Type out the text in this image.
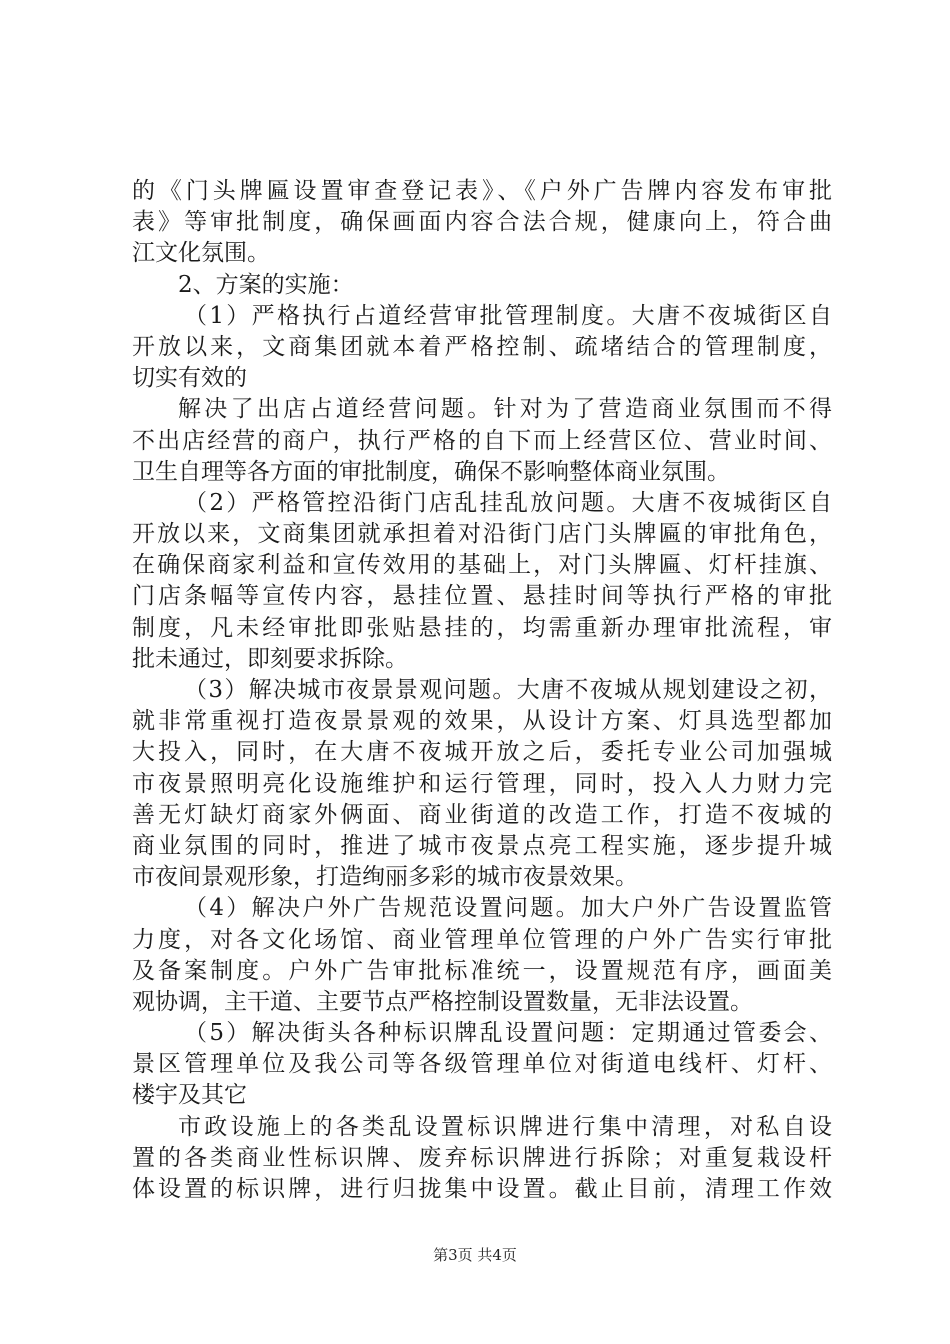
的《门头牌匾设置审查登记表》、《户外广告牌内容发布审批
表》等审批制度，确保画面内容合法合规，健康向上，符合曲
江文化氛围。
2、方案的实施：
（1）严格执行占道经营审批管理制度。大唐不夜城街区自
开放以来，文商集团就本着严格控制、疏堵结合的管理制度，
切实有效的
解决了出店占道经营问题。针对为了营造商业氛围而不得
不出店经营的商户，执行严格的自下而上经营区位、营业时间、
卫生自理等各方面的审批制度，确保不影响整体商业氛围。
（2）严格管控沿街门店乱挂乱放问题。大唐不夜城街区自
开放以来，文商集团就承担着对沿街门店门头牌匾的审批角色，
在确保商家利益和宣传效用的基础上，对门头牌匾、灯杆挂旗、
门店条幅等宣传内容，悬挂位置、悬挂时间等执行严格的审批
制度，凡未经审批即张贴悬挂的，均需重新办理审批流程，审
批未通过，即刻要求拆除。
（3）解决城市夜景景观问题。大唐不夜城从规划建设之初，
就非常重视打造夜景景观的效果，从设计方案、灯具选型都加
大投入，同时，在大唐不夜城开放之后，委托专业公司加强城
市夜景照明亮化设施维护和运行管理，同时，投入人力财力完
善无灯缺灯商家外俩面、商业街道的改造工作，打造不夜城的
商业氛围的同时，推进了城市夜景点亮工程实施，逐步提升城
市夜间景观形象，打造绚丽多彩的城市夜景效果。
（4）解决户外广告规范设置问题。加大户外广告设置监管
力度，对各文化场馆、商业管理单位管理的户外广告实行审批
及备案制度。户外广告审批标准统一，设置规范有序，画面美
观协调，主干道、主要节点严格控制设置数量，无非法设置。
（5）解决街头各种标识牌乱设置问题：定期通过管委会、
景区管理单位及我公司等各级管理单位对街道电线杆、灯杆、
楼宇及其它
市政设施上的各类乱设置标识牌进行集中清理，对私自设
置的各类商业性标识牌、废弃标识牌进行拆除；对重复栽设杆
体设置的标识牌，进行归拢集中设置。截止目前，清理工作效
第3页 共4页
